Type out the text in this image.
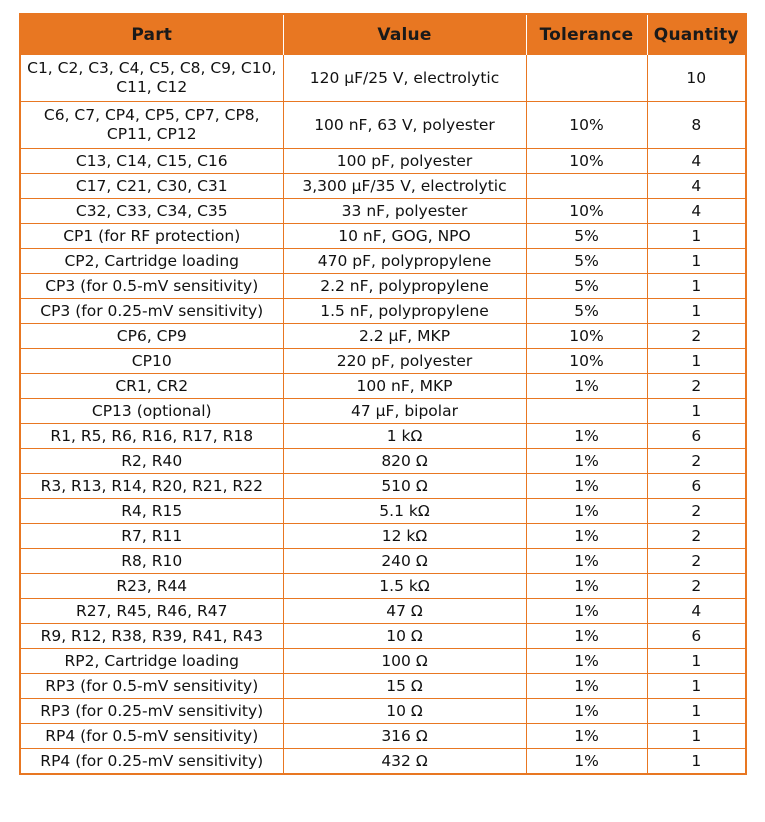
Part	Value	Tolerance	Quantity
C1, C2, C3, C4, C5, C8, C9, C10, C11, C12	120 µF/25 V, electrolytic		10
C6, C7, CP4, CP5, CP7, CP8, CP11, CP12	100 nF, 63 V, polyester	10%	8
C13, C14, C15, C16	100 pF, polyester	10%	4
C17, C21, C30, C31	3,300 µF/35 V, electrolytic		4
C32, C33, C34, C35	33 nF, polyester	10%	4
CP1 (for RF protection)	10 nF, GOG, NPO	5%	1
CP2, Cartridge loading	470 pF, polypropylene	5%	1
CP3 (for 0.5-mV sensitivity)	2.2 nF, polypropylene	5%	1
CP3 (for 0.25-mV sensitivity)	1.5 nF, polypropylene	5%	1
CP6, CP9	2.2 µF, MKP	10%	2
CP10	220 pF, polyester	10%	1
CR1, CR2	100 nF, MKP	1%	2
CP13 (optional)	47 µF, bipolar		1
R1, R5, R6, R16, R17, R18	1 kΩ	1%	6
R2, R40	820 Ω	1%	2
R3, R13, R14, R20, R21, R22	510 Ω	1%	6
R4, R15	5.1 kΩ	1%	2
R7, R11	12 kΩ	1%	2
R8, R10	240 Ω	1%	2
R23, R44	1.5 kΩ	1%	2
R27, R45, R46, R47	47 Ω	1%	4
R9, R12, R38, R39, R41, R43	10 Ω	1%	6
RP2, Cartridge loading	100 Ω	1%	1
RP3 (for 0.5-mV sensitivity)	15 Ω	1%	1
RP3 (for 0.25-mV sensitivity)	10 Ω	1%	1
RP4 (for 0.5-mV sensitivity)	316 Ω	1%	1
RP4 (for 0.25-mV sensitivity)	432 Ω	1%	1
